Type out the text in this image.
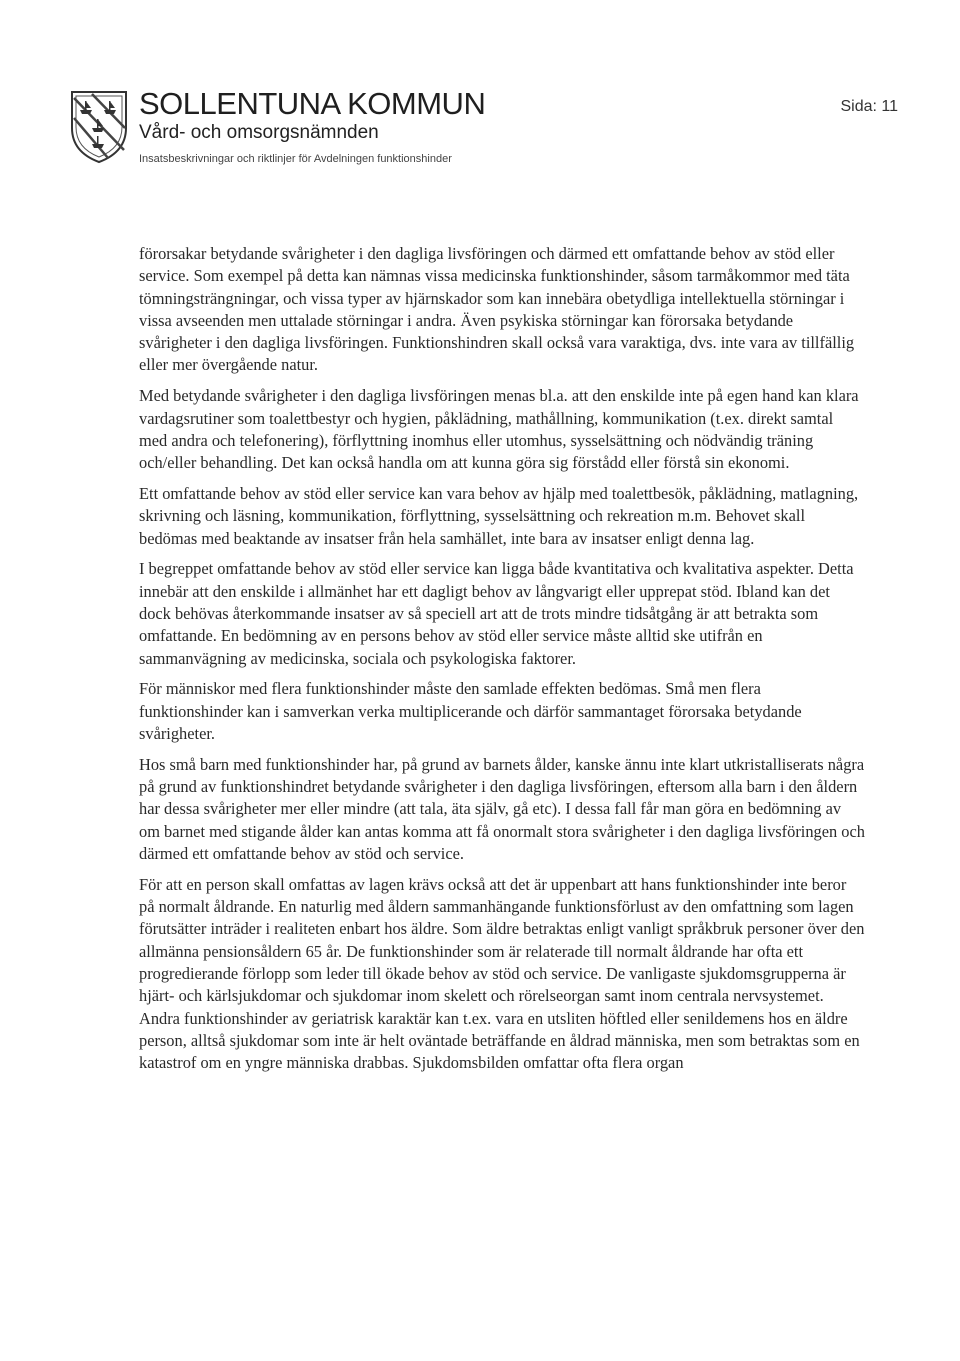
SOLLENTUNA KOMMUN
Vård- och omsorgsnämnden
Insatsbeskrivningar och riktlinjer för Avdelningen funktionshinder
Sida: 11

förorsakar betydande svårigheter i den dagliga livsföringen och därmed ett omfattande behov av stöd eller service. Som exempel på detta kan nämnas vissa medicinska funktionshinder, såsom tarmåkommor med täta tömningsträngningar, och vissa typer av hjärnskador som kan innebära obetydliga intellektuella störningar i vissa avseenden men uttalade störningar i andra. Även psykiska störningar kan förorsaka betydande svårigheter i den dagliga livsföringen. Funktionshindren skall också vara varaktiga, dvs. inte vara av tillfällig eller mer övergående natur.

Med betydande svårigheter i den dagliga livsföringen menas bl.a. att den enskilde inte på egen hand kan klara vardagsrutiner som toalettbestyr och hygien, påklädning, mathållning, kommunikation (t.ex. direkt samtal med andra och telefonering), förflyttning inomhus eller utomhus, sysselsättning och nödvändig träning och/eller behandling. Det kan också handla om att kunna göra sig förstådd eller förstå sin ekonomi.

Ett omfattande behov av stöd eller service kan vara behov av hjälp med toalettbesök, påklädning, matlagning, skrivning och läsning, kommunikation, förflyttning, sysselsättning och rekreation m.m. Behovet skall bedömas med beaktande av insatser från hela samhället, inte bara av insatser enligt denna lag.

I begreppet omfattande behov av stöd eller service kan ligga både kvantitativa och kvalitativa aspekter. Detta innebär att den enskilde i allmänhet har ett dagligt behov av långvarigt eller upprepat stöd. Ibland kan det dock behövas återkommande insatser av så speciell art att de trots mindre tidsåtgång är att betrakta som omfattande. En bedömning av en persons behov av stöd eller service måste alltid ske utifrån en sammanvägning av medicinska, sociala och psykologiska faktorer.

För människor med flera funktionshinder måste den samlade effekten bedömas. Små men flera funktionshinder kan i samverkan verka multiplicerande och därför sammantaget förorsaka betydande svårigheter.

Hos små barn med funktionshinder har, på grund av barnets ålder, kanske ännu inte klart utkristalliserats några på grund av funktionshindret betydande svårigheter i den dagliga livsföringen, eftersom alla barn i den åldern har dessa svårigheter mer eller mindre (att tala, äta själv, gå etc). I dessa fall får man göra en bedömning av om barnet med stigande ålder kan antas komma att få onormalt stora svårigheter i den dagliga livsföringen och därmed ett omfattande behov av stöd och service.

För att en person skall omfattas av lagen krävs också att det är uppenbart att hans funktionshinder inte beror på normalt åldrande. En naturlig med åldern sammanhängande funktionsförlust av den omfattning som lagen förutsätter inträder i realiteten enbart hos äldre. Som äldre betraktas enligt vanligt språkbruk personer över den allmänna pensionsåldern 65 år. De funktionshinder som är relaterade till normalt åldrande har ofta ett progredierande förlopp som leder till ökade behov av stöd och service. De vanligaste sjukdomsgrupperna är hjärt- och kärlsjukdomar och sjukdomar inom skelett och rörelseorgan samt inom centrala nervsystemet. Andra funktionshinder av geriatrisk karaktär kan t.ex. vara en utsliten höftled eller senildemens hos en äldre person, alltså sjukdomar som inte är helt oväntade beträffande en åldrad människa, men som betraktas som en katastrof om en yngre människa drabbas. Sjukdomsbilden omfattar ofta flera organ
